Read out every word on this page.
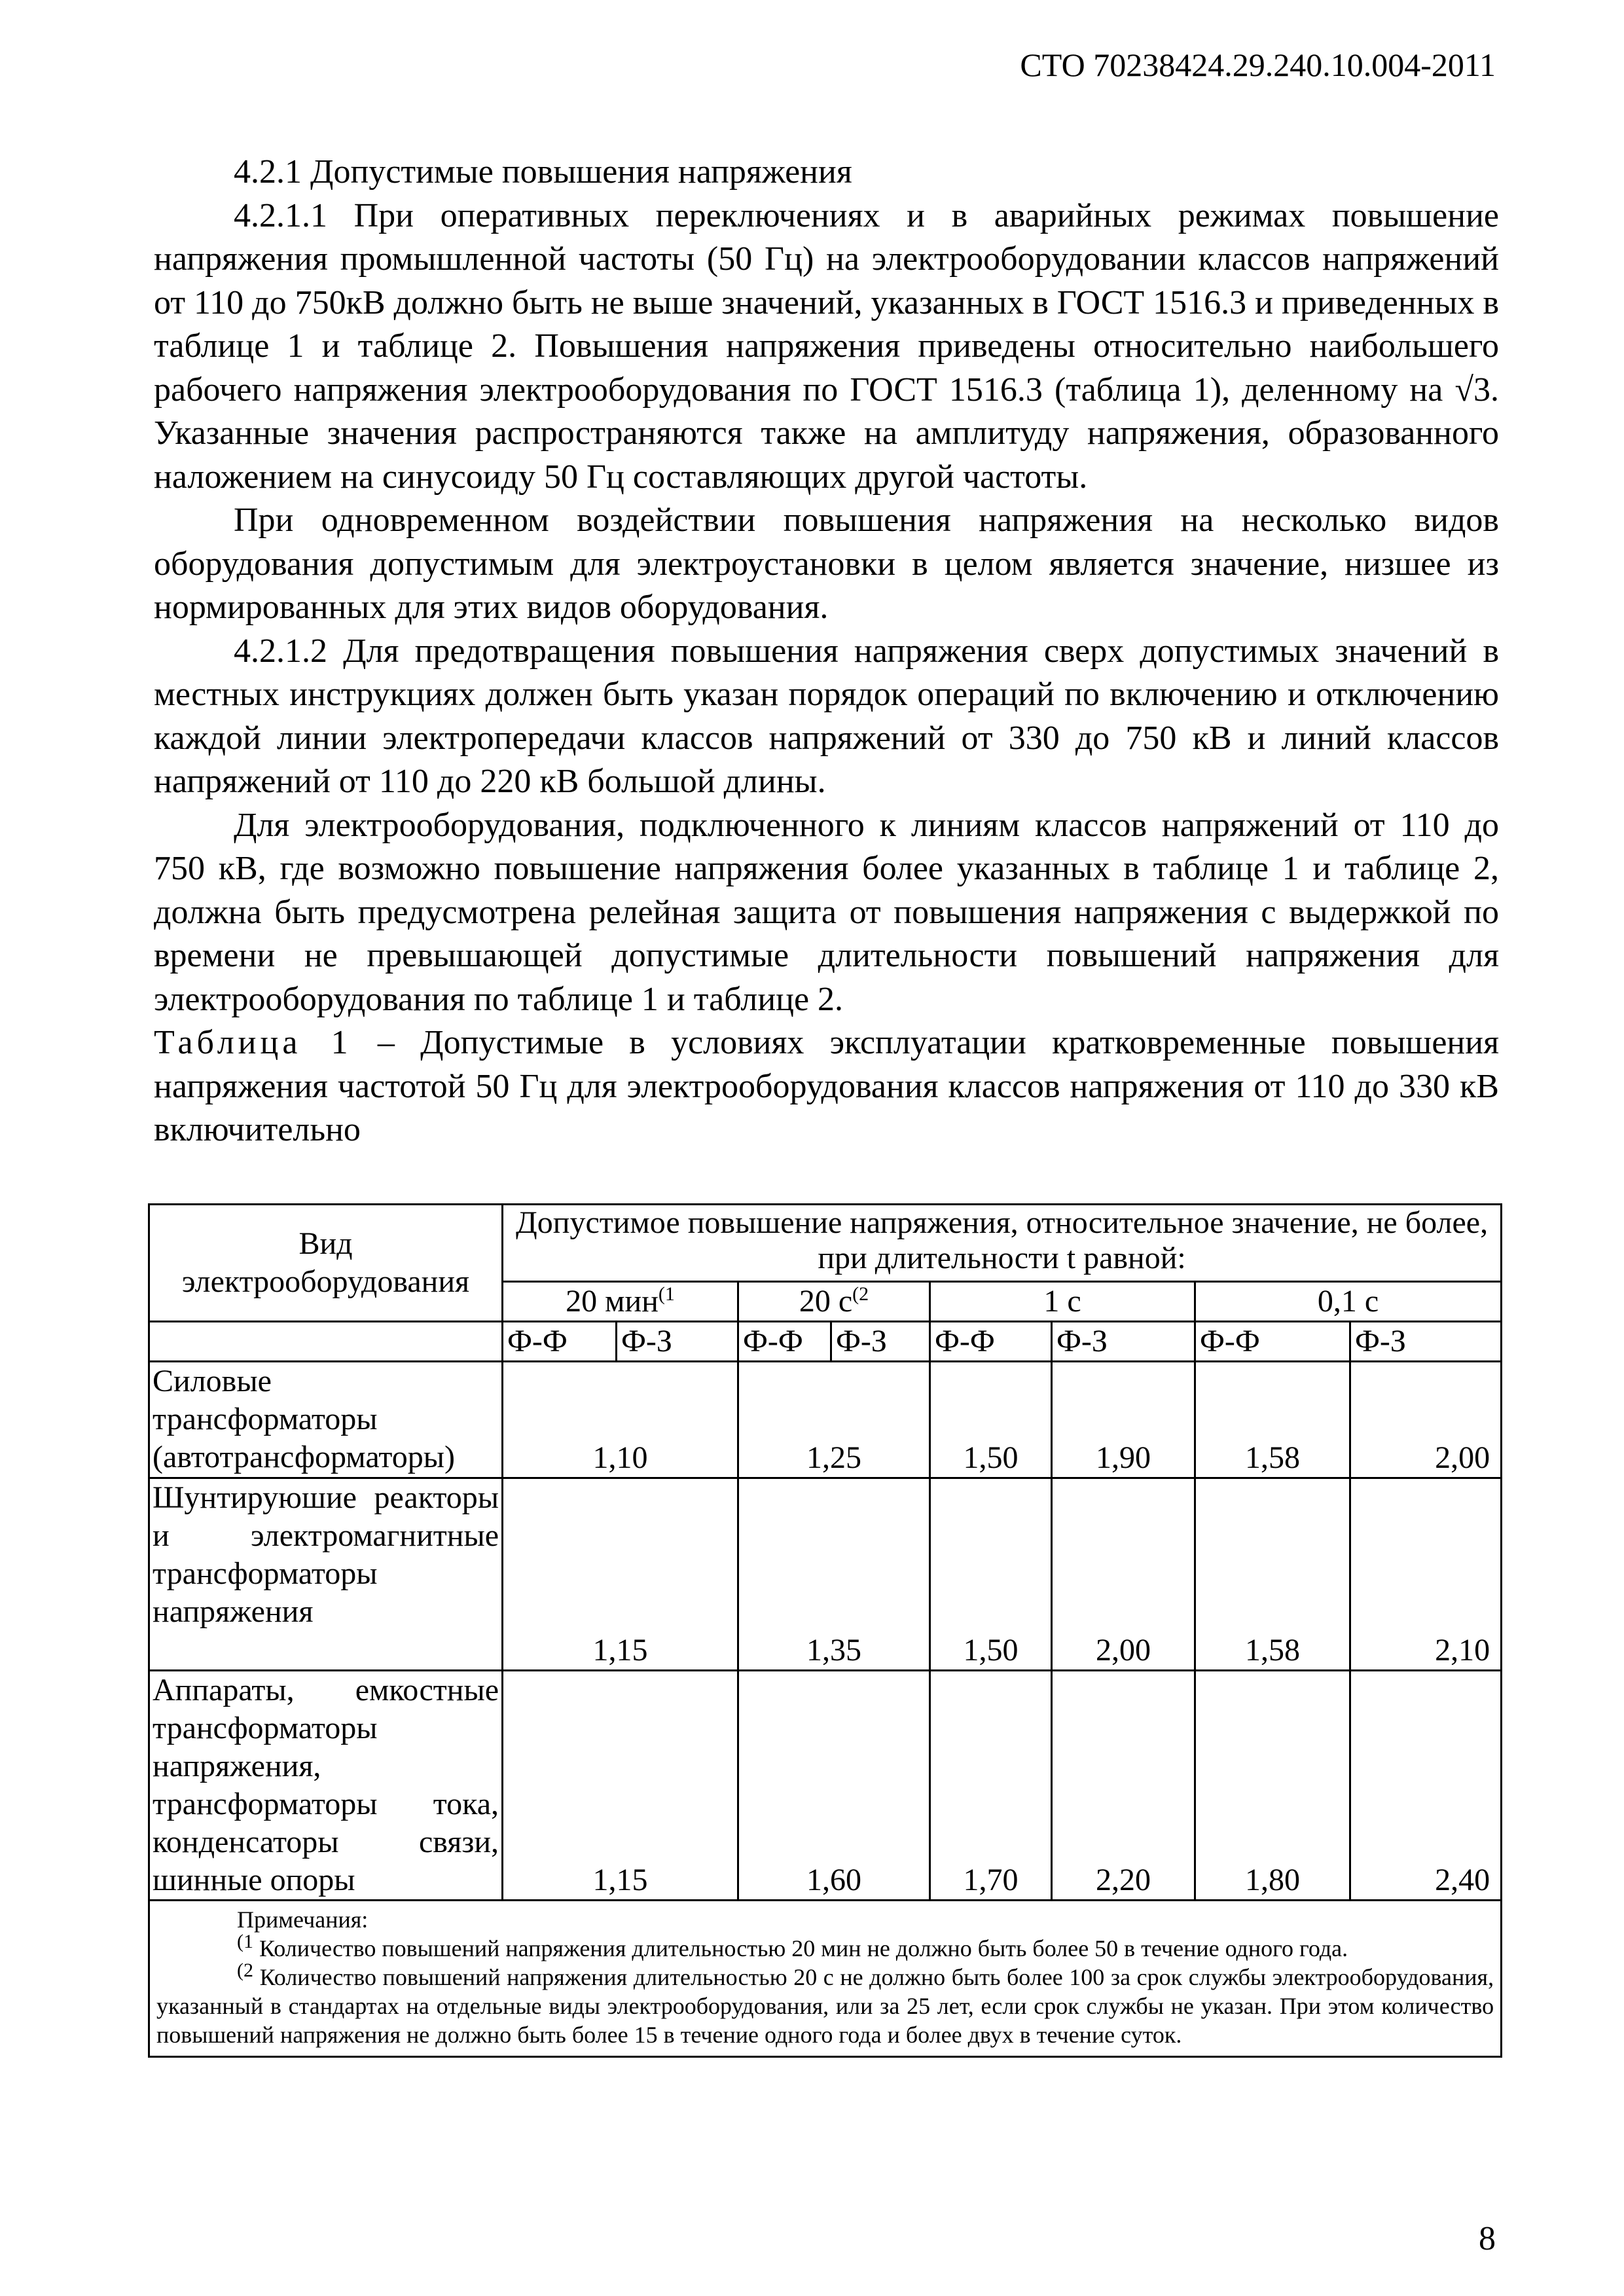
СТО 70238424.29.240.10.004-2011

4.2.1 Допустимые повышения напряжения

4.2.1.1 При оперативных переключениях и в аварийных режимах повышение напряжения промышленной частоты (50 Гц) на электрооборудовании классов напряжений от 110 до 750кВ должно быть не выше значений, указанных в ГОСТ 1516.3 и приведенных в таблице 1 и таблице 2. Повышения напряжения приведены относительно наибольшего рабочего напряжения электрооборудования по ГОСТ 1516.3 (таблица 1), деленному на √3. Указанные значения распространяются также на амплитуду напряжения, образованного наложением на синусоиду 50 Гц составляющих другой частоты.

При одновременном воздействии повышения напряжения на несколько видов оборудования допустимым для электроустановки в целом является значение, низшее из нормированных для этих видов оборудования.

4.2.1.2 Для предотвращения повышения напряжения сверх допустимых значений в местных инструкциях должен быть указан порядок операций по включению и отключению каждой линии электропередачи классов напряжений от 330 до 750 кВ и линий классов напряжений от 110 до 220 кВ большой длины.

Для электрооборудования, подключенного к линиям классов напряжений от 110 до 750 кВ, где возможно повышение напряжения более указанных в таблице 1 и таблице 2, должна быть предусмотрена релейная защита от повышения напряжения с выдержкой по времени не превышающей допустимые длительности повышений напряжения для электрооборудования по таблице 1 и таблице 2.

Таблица 1 – Допустимые в условиях эксплуатации кратковременные повышения напряжения частотой 50 Гц для электрооборудования классов напряжения от 110 до 330 кВ включительно

Вид электрооборудования	Допустимое повышение напряжения, относительное значение, не более, при длительности t равной:							
	20 мин$^{(1}$		20 $с^{(2}$		1 с		0,1 с	
	Ф-Ф	Ф-З	Ф-Ф	Ф-З	Ф-Ф	Ф-З	Ф-Ф	Ф-З
Силовые трансформаторы (автотрансформаторы)	1,10		1,25		1,50	1,90	1,58	2,00
Шунтируюшие реакторы и электромагнитные трансформаторы напряжения	1,15		1,35		1,50	2,00	1,58	2,10
Аппараты, емкостные трансформаторы напряжения, трансформаторы тока, конденсаторы связи, шинные опоры	1,15		1,60		1,70	2,20	1,80	2,40

Примечания:

$^{(1}$ Количество повышений напряжения длительностью 20 мин не должно быть более 50 в течение одного года.

$^{(2}$ Количество повышений напряжения длительностью 20 с не должно быть более 100 за срок службы электрооборудования, указанный в стандартах на отдельные виды электрооборудования, или за 25 лет, если срок службы не указан. При этом количество повышений напряжения не должно быть более 15 в течение одного года и более двух в течение суток.								

8
